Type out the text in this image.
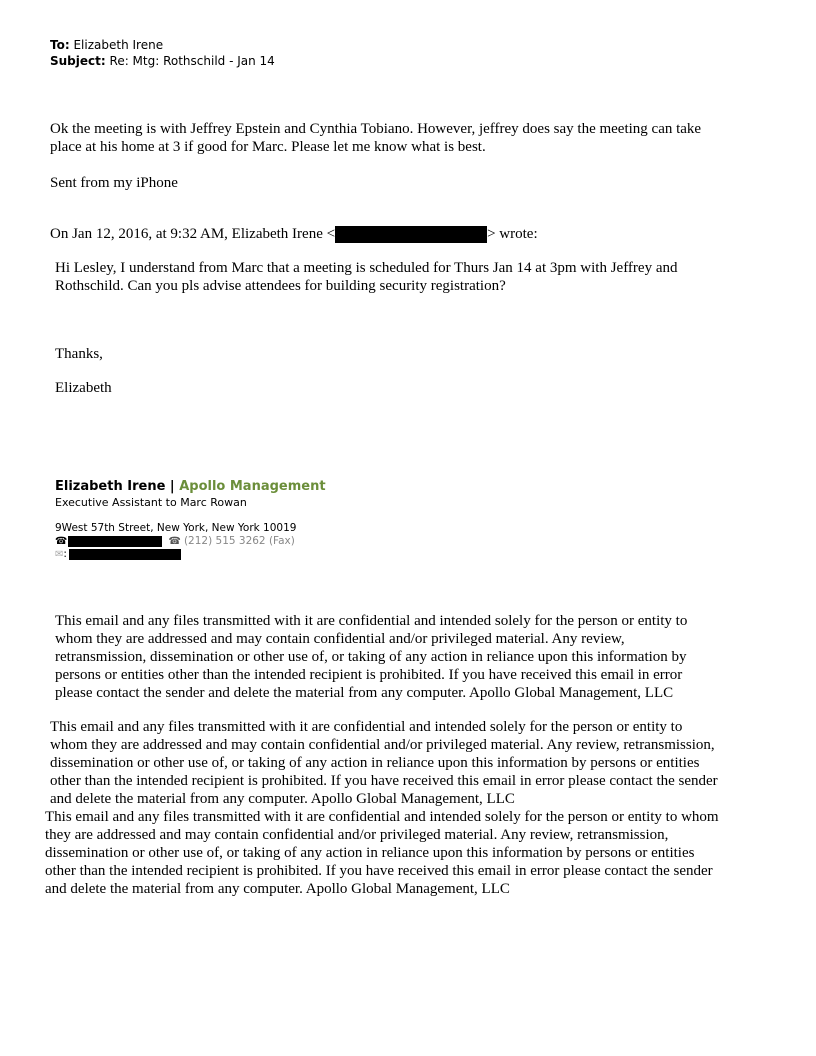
To: Elizabeth Irene
Subject: Re: Mtg: Rothschild - Jan 14
Ok the meeting is with Jeffrey Epstein and Cynthia Tobiano. However, jeffrey does say the meeting can take
place at his home at 3 if good for Marc. Please let me know what is best.
Sent from my iPhone
On Jan 12, 2016, at 9:32 AM, Elizabeth Irene <	> wrote:
Hi Lesley, I understand from Marc that a meeting is scheduled for Thurs Jan 14 at 3pm with Jeffrey and
Rothschild. Can you pls advise attendees for building security registration?
Thanks,
Elizabeth
Elizabeth Irene | Apollo Management
Executive Assistant to Marc Rowan
9West 57th Street, New York, New York 10019
☎	☎ (212) 515 3262 (Fax)
✉ :
This email and any files transmitted with it are confidential and intended solely for the person or entity to
whom they are addressed and may contain confidential and/or privileged material. Any review,
retransmission, dissemination or other use of, or taking of any action in reliance upon this information by
persons or entities other than the intended recipient is prohibited. If you have received this email in error
please contact the sender and delete the material from any computer. Apollo Global Management, LLC
This email and any files transmitted with it are confidential and intended solely for the person or entity to
whom they are addressed and may contain confidential and/or privileged material. Any review, retransmission,
dissemination or other use of, or taking of any action in reliance upon this information by persons or entities
other than the intended recipient is prohibited. If you have received this email in error please contact the sender
and delete the material from any computer. Apollo Global Management, LLC
This email and any files transmitted with it are confidential and intended solely for the person or entity to whom
they are addressed and may contain confidential and/or privileged material. Any review, retransmission,
dissemination or other use of, or taking of any action in reliance upon this information by persons or entities
other than the intended recipient is prohibited. If you have received this email in error please contact the sender
and delete the material from any computer. Apollo Global Management, LLC
